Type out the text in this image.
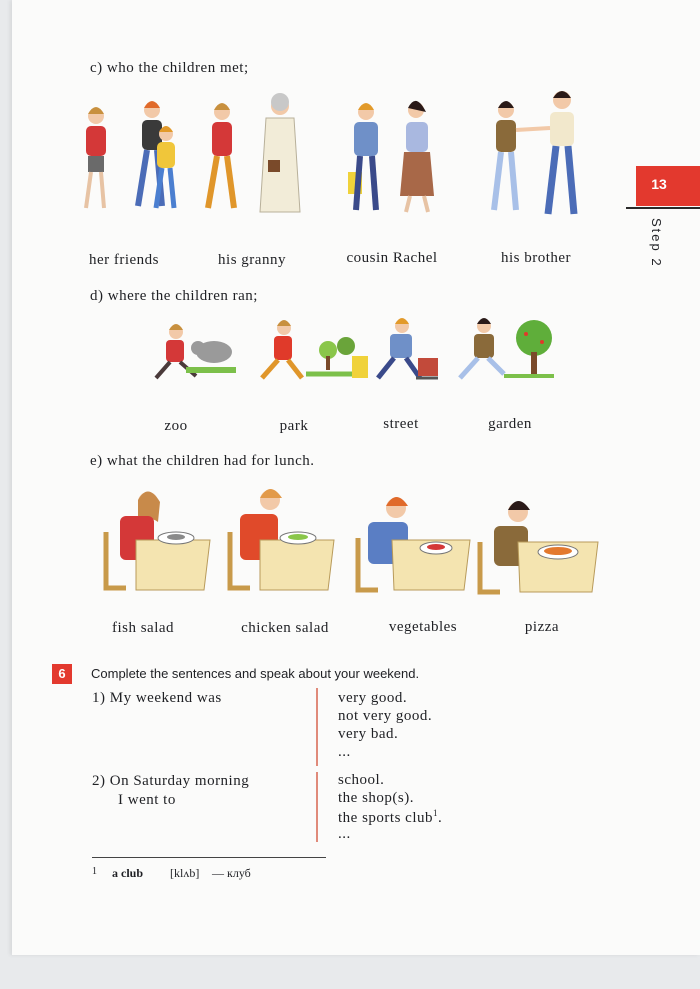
13
Step 2
c) who the children met;
her friends	his granny	cousin Rachel	his brother
d) where the children ran;
zoo	park	street	garden
e) what the children had for lunch.
fish salad	chicken salad	vegetables	pizza
6	Complete the sentences and speak about your weekend.
1) My weekend was	very good.
not very good.
very bad.
...
2) On Saturday morning
I went to
school.
the shop(s).
the sports club$^1$.
...
1 a club [klʌb] — клуб
